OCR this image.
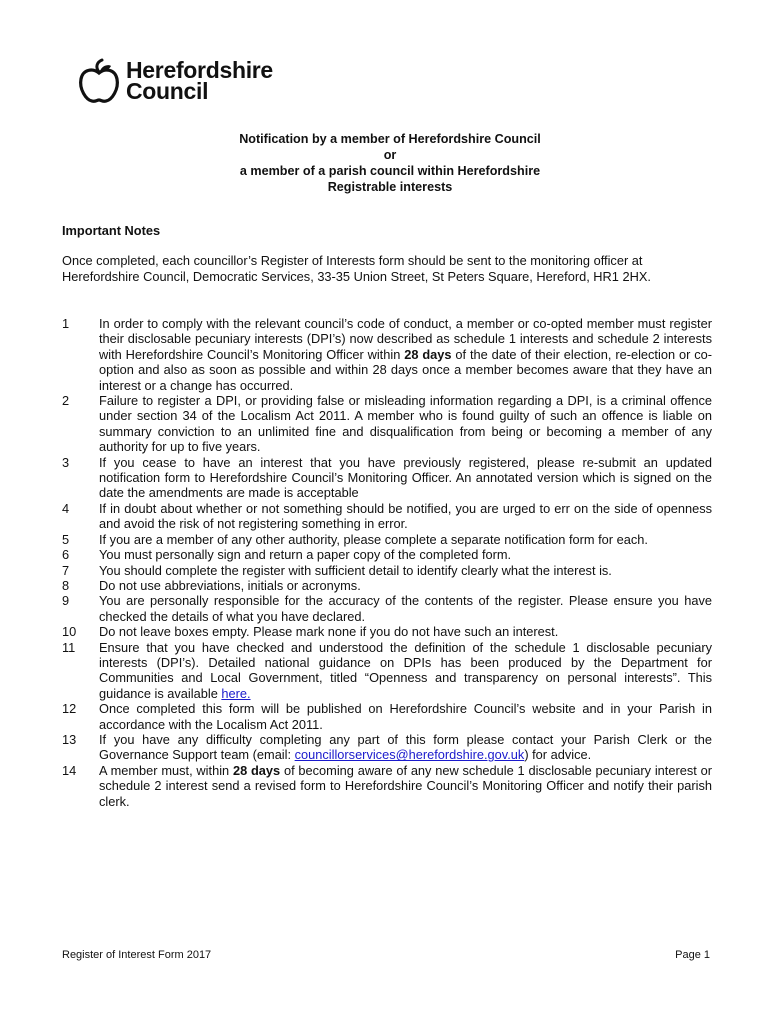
Herefordshire
Council
Notification by a member of Herefordshire Council
or
a member of a parish council within Herefordshire
Registrable interests
Important Notes
Once completed, each councillor’s Register of Interests form should be sent to the monitoring officer at Herefordshire Council, Democratic Services, 33-35 Union Street, St Peters Square, Hereford, HR1 2HX.
1	In order to comply with the relevant council’s code of conduct, a member or co-opted member must register their disclosable pecuniary interests (DPI’s) now described as schedule 1 interests and schedule 2 interests with Herefordshire Council’s Monitoring Officer within 28 days of the date of their election, re-election or co-option and also as soon as possible and within 28 days once a member becomes aware that they have an interest or a change has occurred.
2	Failure to register a DPI, or providing false or misleading information regarding a DPI, is a criminal offence under section 34 of the Localism Act 2011. A member who is found guilty of such an offence is liable on summary conviction to an unlimited fine and disqualification from being or becoming a member of any authority for up to five years.
3	If you cease to have an interest that you have previously registered, please re-submit an updated notification form to Herefordshire Council’s Monitoring Officer. An annotated version which is signed on the date the amendments are made is acceptable
4	If in doubt about whether or not something should be notified, you are urged to err on the side of openness and avoid the risk of not registering something in error.
5	If you are a member of any other authority, please complete a separate notification form for each.
6	You must personally sign and return a paper copy of the completed form.
7	You should complete the register with sufficient detail to identify clearly what the interest is.
8	Do not use abbreviations, initials or acronyms.
9	You are personally responsible for the accuracy of the contents of the register. Please ensure you have checked the details of what you have declared.
10	Do not leave boxes empty. Please mark none if you do not have such an interest.
11	Ensure that you have checked and understood the definition of the schedule 1 disclosable pecuniary interests (DPI’s). Detailed national guidance on DPIs has been produced by the Department for Communities and Local Government, titled “Openness and transparency on personal interests”. This guidance is available here.
12	Once completed this form will be published on Herefordshire Council’s website and in your Parish in accordance with the Localism Act 2011.
13	If you have any difficulty completing any part of this form please contact your Parish Clerk or the Governance Support team (email: councillorservices@herefordshire.gov.uk) for advice.
14	A member must, within 28 days of becoming aware of any new schedule 1 disclosable pecuniary interest or schedule 2 interest send a revised form to Herefordshire Council’s Monitoring Officer and notify their parish clerk.
Register of Interest Form 2017	Page 1
